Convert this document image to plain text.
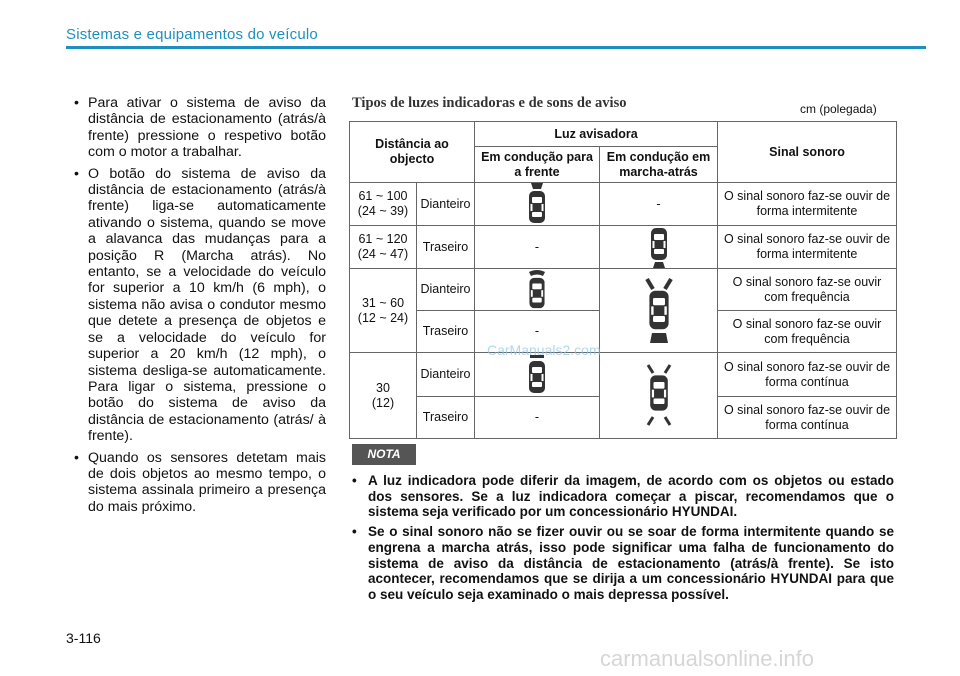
Sistemas e equipamentos do veículo
• Para ativar o sistema de aviso da distância de estacionamento (atrás/à frente) pressione o respetivo botão com o motor a trabalhar.
• O botão do sistema de aviso da distância de estacionamento (atrás/à frente) liga-se automaticamente ativando o sistema, quando se move a alavanca das mudanças para a posição R (Marcha atrás). No entanto, se a velocidade do veículo for superior a 10 km/h (6 mph), o sistema não avisa o condutor mesmo que detete a presença de objetos e se a velocidade do veículo for superior a 20 km/h (12 mph), o sistema desliga-se automaticamente. Para ligar o sistema, pressione o botão do sistema de aviso da distância de estacionamento (atrás/ à frente).
• Quando os sensores detetam mais de dois objetos ao mesmo tempo, o sistema assinala primeiro a presença do mais próximo.
Tipos de luzes indicadoras e de sons de aviso	cm (polegada)
Distância ao objecto		Luz avisadora		Sinal sonoro
		Em condução para a frente	Em condução em marcha-atrás	
61 ~ 100
(24 ~ 39)	Dianteiro		-	O sinal sonoro faz-se ouvir de forma intermitente
61 ~ 120
(24 ~ 47)	Traseiro	-		O sinal sonoro faz-se ouvir de forma intermitente
31 ~ 60
(12 ~ 24)	Dianteiro			O sinal sonoro faz-se ouvir com frequência
	Traseiro	-		O sinal sonoro faz-se ouvir com frequência
30
(12)	Dianteiro			O sinal sonoro faz-se ouvir de forma contínua
	Traseiro	-		O sinal sonoro faz-se ouvir de forma contínua
CarManuals2.com
NOTA
• A luz indicadora pode diferir da imagem, de acordo com os objetos ou estado dos sensores. Se a luz indicadora começar a piscar, recomendamos que o sistema seja verificado por um concessionário HYUNDAI.
• Se o sinal sonoro não se fizer ouvir ou se soar de forma intermitente quando se engrena a marcha atrás, isso pode significar uma falha de funcionamento do sistema de aviso da distância de estacionamento (atrás/à frente). Se isto acontecer, recomendamos que se dirija a um concessionário HYUNDAI para que o seu veículo seja examinado o mais depressa possível.
3-116
carmanualsonline.info
